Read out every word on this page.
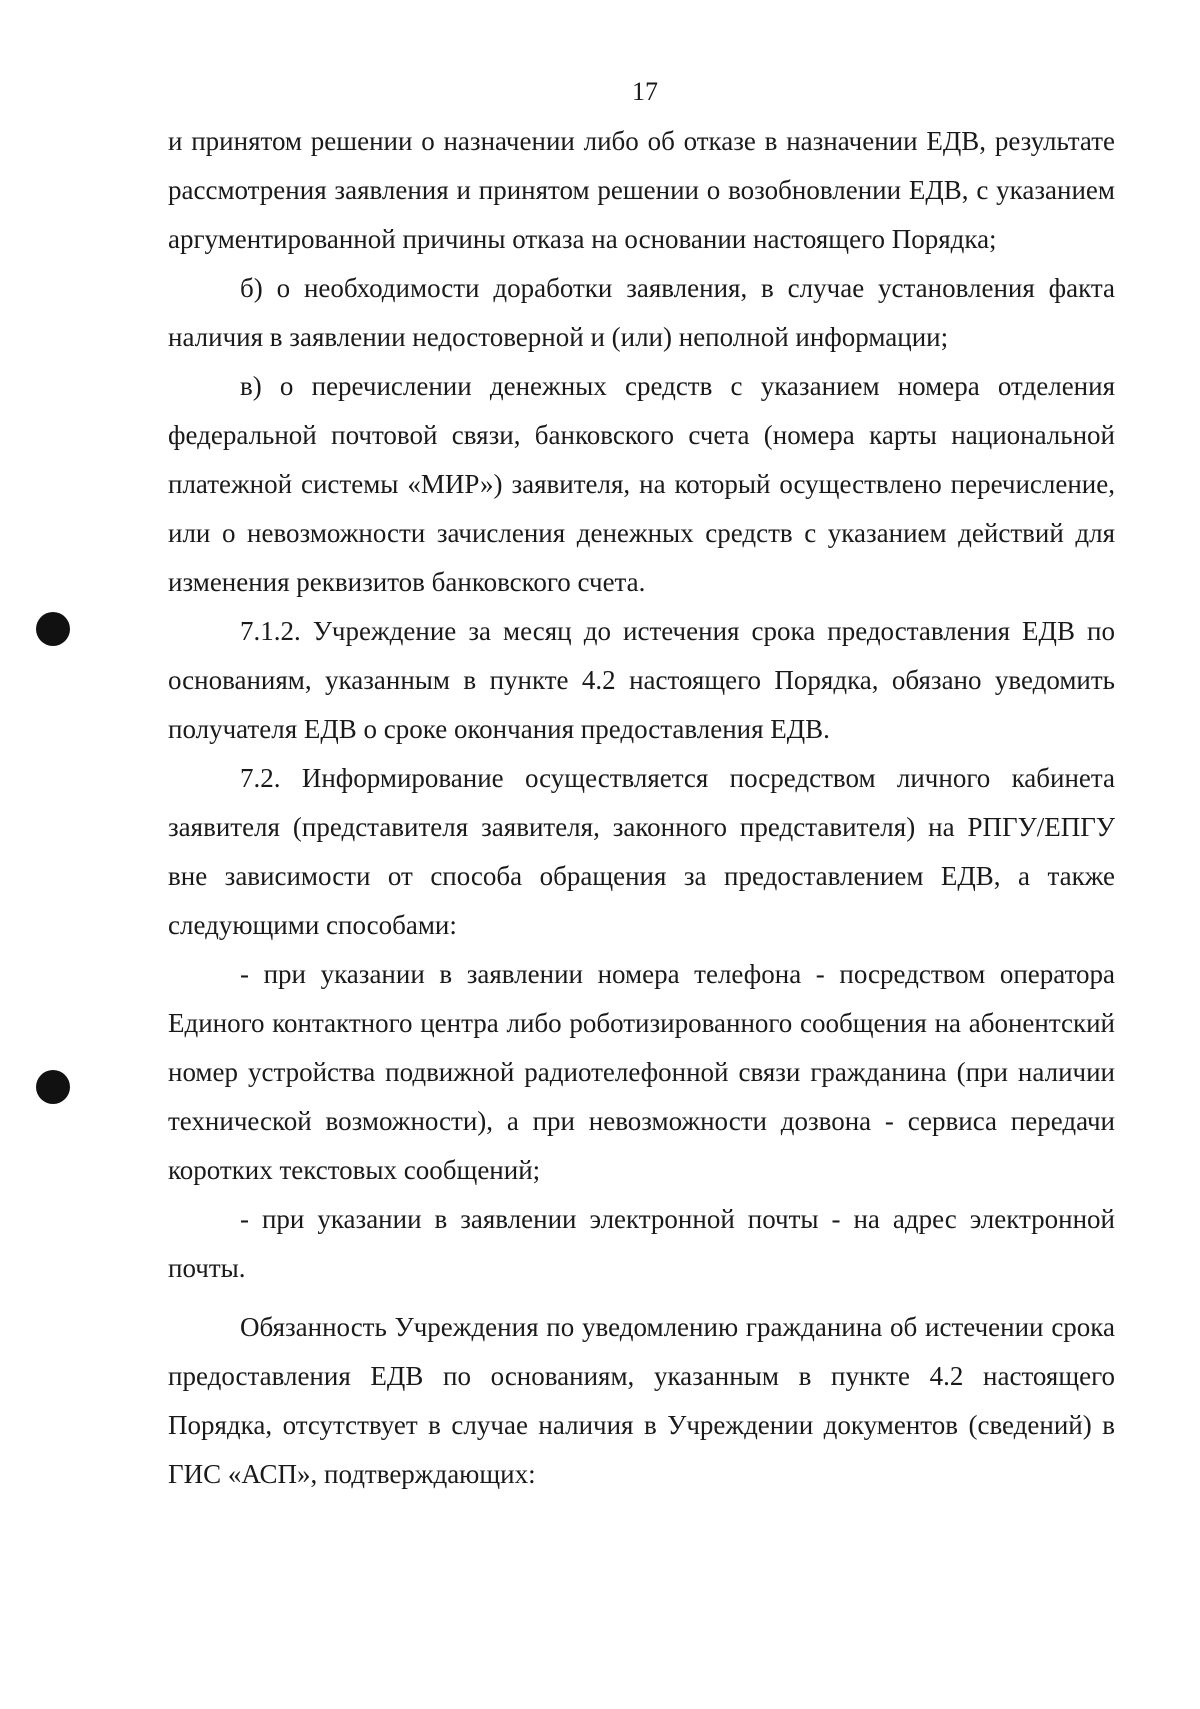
17

и принятом решении о назначении либо об отказе в назначении ЕДВ, результате рассмотрения заявления и принятом решении о возобновлении ЕДВ, с указанием аргументированной причины отказа на основании настоящего Порядка;

б) о необходимости доработки заявления, в случае установления факта наличия в заявлении недостоверной и (или) неполной информации;

в) о перечислении денежных средств с указанием номера отделения федеральной почтовой связи, банковского счета (номера карты национальной платежной системы «МИР») заявителя, на который осуществлено перечисление, или о невозможности зачисления денежных средств с указанием действий для изменения реквизитов банковского счета.

7.1.2. Учреждение за месяц до истечения срока предоставления ЕДВ по основаниям, указанным в пункте 4.2 настоящего Порядка, обязано уведомить получателя ЕДВ о сроке окончания предоставления ЕДВ.

7.2. Информирование осуществляется посредством личного кабинета заявителя (представителя заявителя, законного представителя) на РПГУ/ЕПГУ вне зависимости от способа обращения за предоставлением ЕДВ, а также следующими способами:

- при указании в заявлении номера телефона - посредством оператора Единого контактного центра либо роботизированного сообщения на абонентский номер устройства подвижной радиотелефонной связи гражданина (при наличии технической возможности), а при невозможности дозвона - сервиса передачи коротких текстовых сообщений;

- при указании в заявлении электронной почты - на адрес электронной почты.

Обязанность Учреждения по уведомлению гражданина об истечении срока предоставления ЕДВ по основаниям, указанным в пункте 4.2 настоящего Порядка, отсутствует в случае наличия в Учреждении документов (сведений) в ГИС «АСП», подтверждающих:
